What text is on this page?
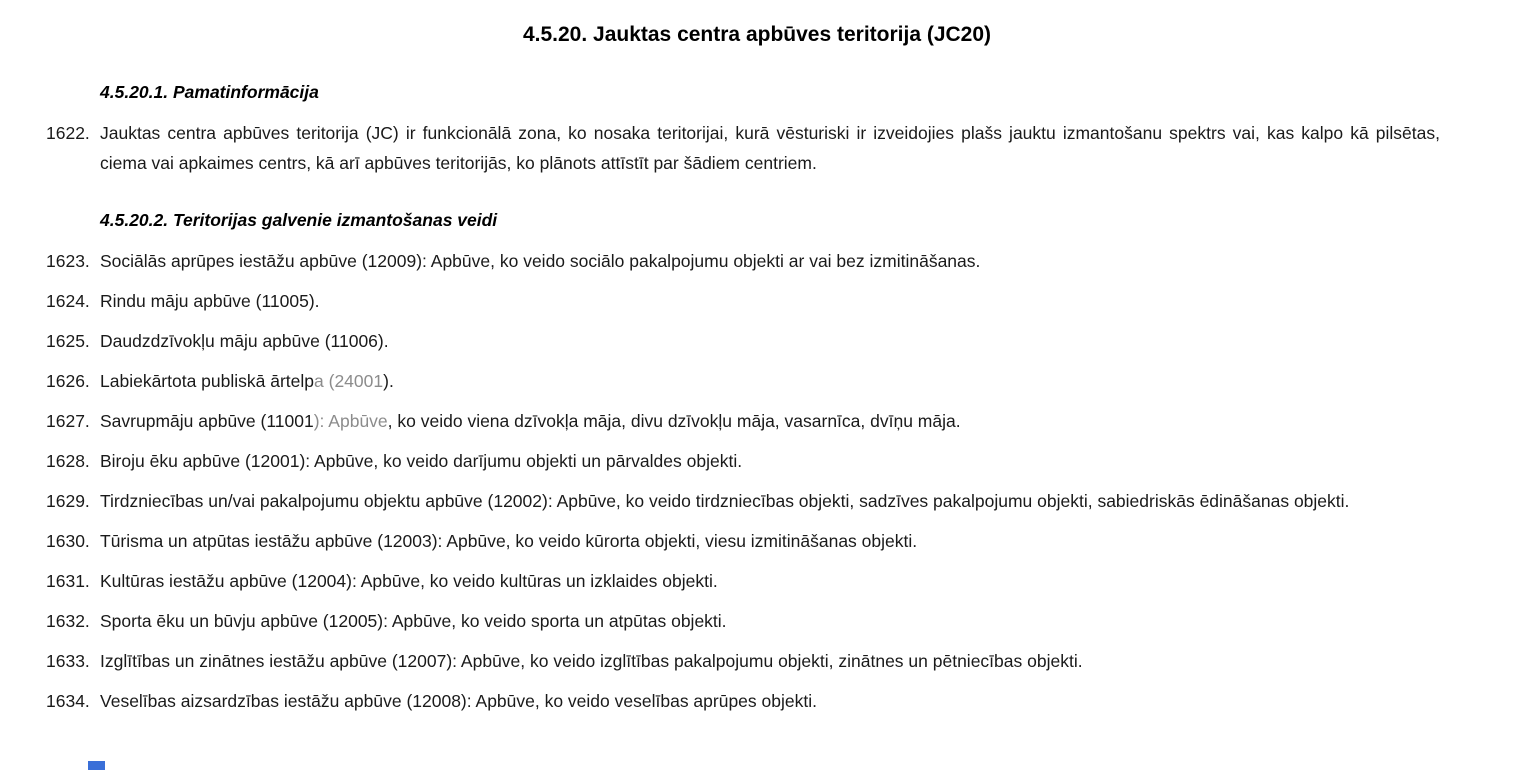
4.5.20. Jauktas centra apbūves teritorija (JC20)
4.5.20.1. Pamatinformācija
1622. Jauktas centra apbūves teritorija (JC) ir funkcionālā zona, ko nosaka teritorijai, kurā vēsturiski ir izveidojies plašs jauktu izmantošanu spektrs vai, kas kalpo kā pilsētas, ciema vai apkaimes centrs, kā arī apbūves teritorijās, ko plānots attīstīt par šādiem centriem.
4.5.20.2. Teritorijas galvenie izmantošanas veidi
1623. Sociālās aprūpes iestāžu apbūve (12009): Apbūve, ko veido sociālo pakalpojumu objekti ar vai bez izmitināšanas.
1624. Rindu māju apbūve (11005).
1625. Daudzdzīvokļu māju apbūve (11006).
1626. Labiekārtota publiskā ārtelpa (24001).
1627. Savrupmāju apbūve (11001): Apbūve, ko veido viena dzīvokļa māja, divu dzīvokļu māja, vasarnīca, dvīņu māja.
1628. Biroju ēku apbūve (12001): Apbūve, ko veido darījumu objekti un pārvaldes objekti.
1629. Tirdzniecības un/vai pakalpojumu objektu apbūve (12002): Apbūve, ko veido tirdzniecības objekti, sadzīves pakalpojumu objekti, sabiedriskās ēdināšanas objekti.
1630. Tūrisma un atpūtas iestāžu apbūve (12003): Apbūve, ko veido kūrorta objekti, viesu izmitināšanas objekti.
1631. Kultūras iestāžu apbūve (12004): Apbūve, ko veido kultūras un izklaides objekti.
1632. Sporta ēku un būvju apbūve (12005): Apbūve, ko veido sporta un atpūtas objekti.
1633. Izglītības un zinātnes iestāžu apbūve (12007): Apbūve, ko veido izglītības pakalpojumu objekti, zinātnes un pētniecības objekti.
1634. Veselības aizsardzības iestāžu apbūve (12008): Apbūve, ko veido veselības aprūpes objekti.
